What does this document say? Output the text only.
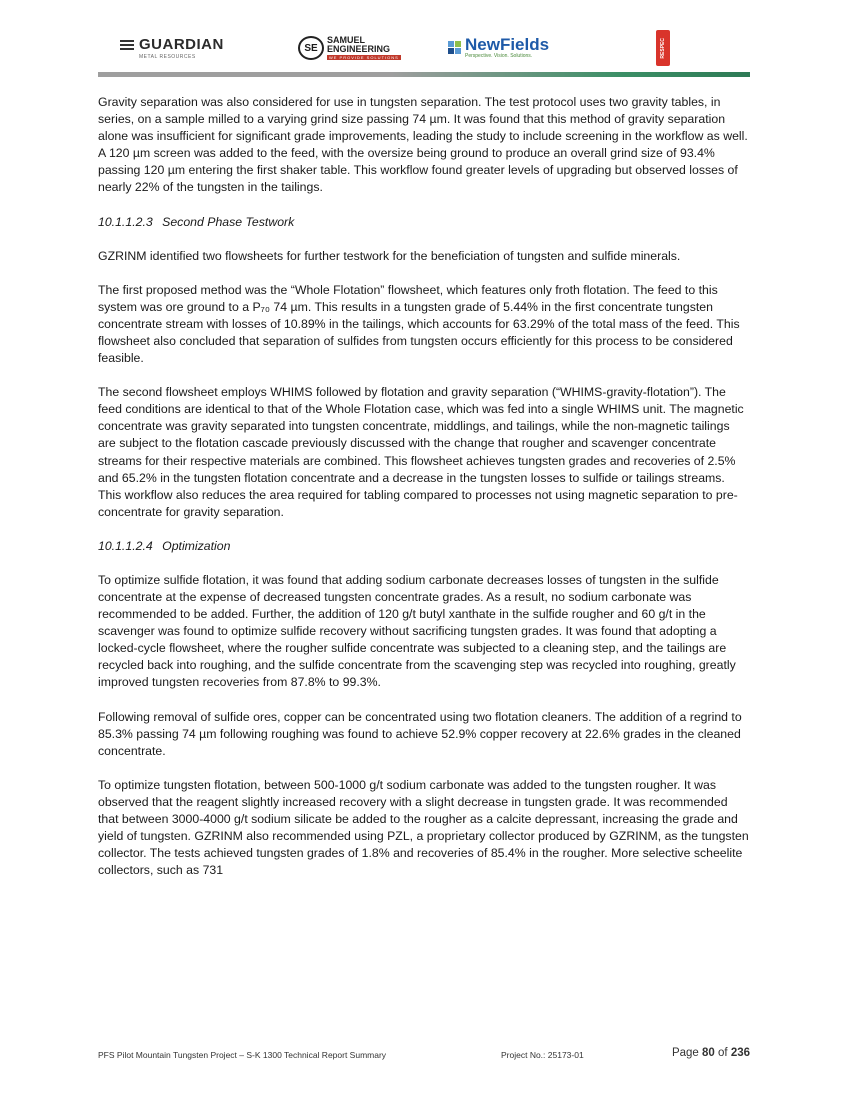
GUARDIAN
METAL RESOURCES
SE
SAMUEL
ENGINEERING
WE PROVIDE SOLUTIONS
NewFields
Perspective. Vision. Solutions.	RESPEC

Gravity separation was also considered for use in tungsten separation. The test protocol uses two gravity tables, in series, on a sample milled to a varying grind size passing 74 µm. It was found that this method of gravity separation alone was insufficient for significant grade improvements, leading the study to include screening in the workflow as well. A 120 µm screen was added to the feed, with the oversize being ground to produce an overall grind size of 93.4% passing 120 µm entering the first shaker table. This workflow found greater levels of upgrading but observed losses of nearly 22% of the tungsten in the tailings.

10.1.1.2.3 Second Phase Testwork

GZRINM identified two flowsheets for further testwork for the beneficiation of tungsten and sulfide minerals.

The first proposed method was the “Whole Flotation” flowsheet, which features only froth flotation. The feed to this system was ore ground to a P₇₀ 74 µm. This results in a tungsten grade of 5.44% in the first concentrate tungsten concentrate stream with losses of 10.89% in the tailings, which accounts for 63.29% of the total mass of the feed. This flowsheet also concluded that separation of sulfides from tungsten occurs efficiently for this process to be considered feasible.

The second flowsheet employs WHIMS followed by flotation and gravity separation (“WHIMS-gravity-flotation”). The feed conditions are identical to that of the Whole Flotation case, which was fed into a single WHIMS unit. The magnetic concentrate was gravity separated into tungsten concentrate, middlings, and tailings, while the non-magnetic tailings are subject to the flotation cascade previously discussed with the change that rougher and scavenger concentrate streams for their respective materials are combined. This flowsheet achieves tungsten grades and recoveries of 2.5% and 65.2% in the tungsten flotation concentrate and a decrease in the tungsten losses to sulfide or tailings streams. This workflow also reduces the area required for tabling compared to processes not using magnetic separation to pre-concentrate for gravity separation.

10.1.1.2.4 Optimization

To optimize sulfide flotation, it was found that adding sodium carbonate decreases losses of tungsten in the sulfide concentrate at the expense of decreased tungsten concentrate grades. As a result, no sodium carbonate was recommended to be added. Further, the addition of 120 g/t butyl xanthate in the sulfide rougher and 60 g/t in the scavenger was found to optimize sulfide recovery without sacrificing tungsten grades. It was found that adopting a locked-cycle flowsheet, where the rougher sulfide concentrate was subjected to a cleaning step, and the tailings are recycled back into roughing, and the sulfide concentrate from the scavenging step was recycled into roughing, greatly improved tungsten recoveries from 87.8% to 99.3%.

Following removal of sulfide ores, copper can be concentrated using two flotation cleaners. The addition of a regrind to 85.3% passing 74 µm following roughing was found to achieve 52.9% copper recovery at 22.6% grades in the cleaned concentrate.

To optimize tungsten flotation, between 500-1000 g/t sodium carbonate was added to the tungsten rougher. It was observed that the reagent slightly increased recovery with a slight decrease in tungsten grade. It was recommended that between 3000-4000 g/t sodium silicate be added to the rougher as a calcite depressant, increasing the grade and yield of tungsten. GZRINM also recommended using PZL, a proprietary collector produced by GZRINM, as the tungsten collector. The tests achieved tungsten grades of 1.8% and recoveries of 85.4% in the rougher. More selective scheelite collectors, such as 731

PFS Pilot Mountain Tungsten Project – S-K 1300 Technical Report Summary	Project No.: 25173-01	Page 80 of 236
